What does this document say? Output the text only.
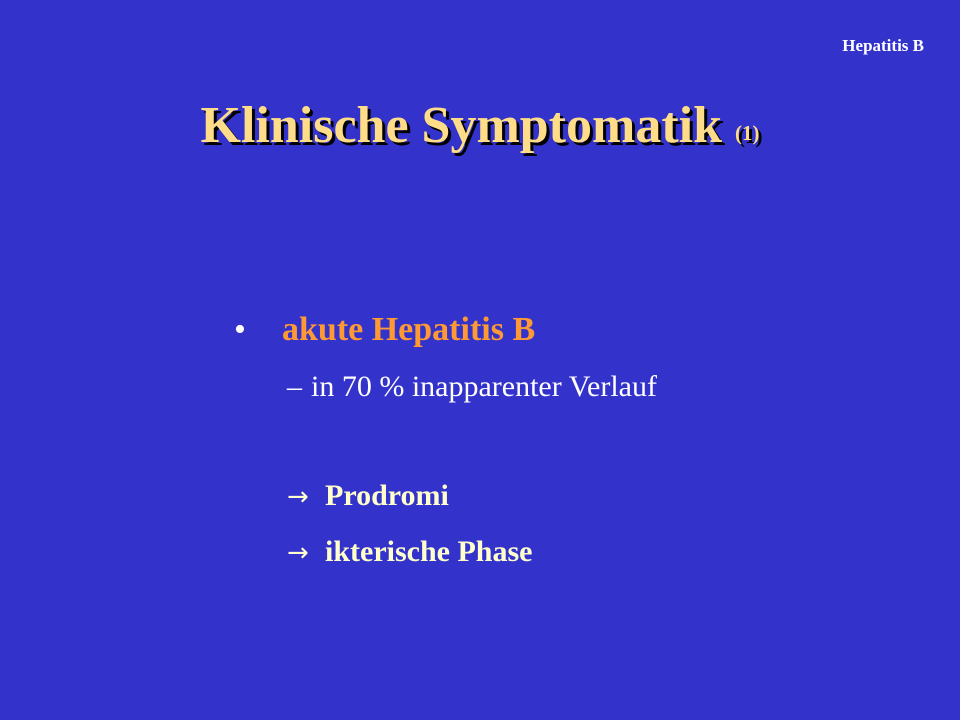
Hepatitis B
Klinische Symptomatik (1)
• akute Hepatitis B
– in 70 % inapparenter Verlauf
→ Prodromi
→ ikterische Phase
